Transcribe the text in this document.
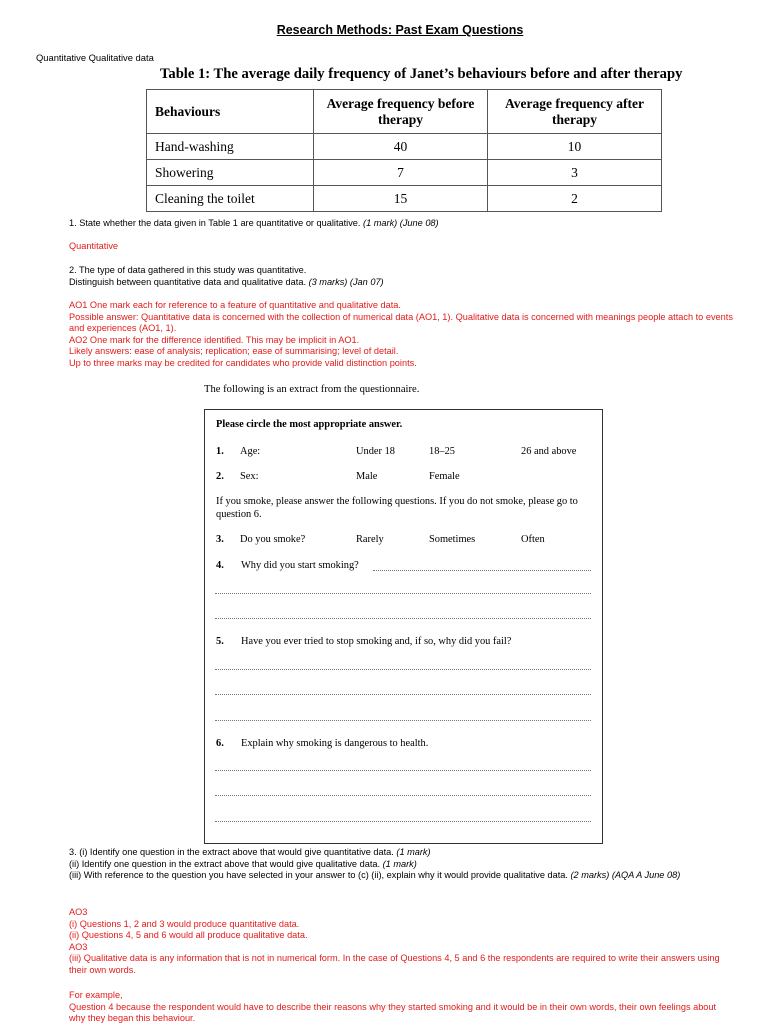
Research Methods: Past Exam Questions
Quantitative Qualitative data
Table 1: The average daily frequency of Janet’s behaviours before and after therapy
Behaviours	Average frequency before therapy	Average frequency after therapy
Hand-washing	40	10
Showering	7	3
Cleaning the toilet	15	2
1. State whether the data given in Table 1 are quantitative or qualitative. (1 mark) (June 08)
Quantitative
2. The type of data gathered in this study was quantitative.
Distinguish between quantitative data and qualitative data. (3 marks) (Jan 07)
AO1 One mark each for reference to a feature of quantitative and qualitative data.
Possible answer: Quantitative data is concerned with the collection of numerical data (AO1, 1). Qualitative data is concerned with meanings people attach to events and experiences (AO1, 1).
AO2 One mark for the difference identified. This may be implicit in AO1.
Likely answers: ease of analysis; replication; ease of summarising; level of detail.
Up to three marks may be credited for candidates who provide valid distinction points.
The following is an extract from the questionnaire.
Please circle the most appropriate answer.
1. Age:	Under 18	18–25	26 and above
2. Sex:	Male	Female
If you smoke, please answer the following questions. If you do not smoke, please go to question 6.
3. Do you smoke?	Rarely	Sometimes	Often
4. Why did you start smoking?
5. Have you ever tried to stop smoking and, if so, why did you fail?
6. Explain why smoking is dangerous to health.
3. (i) Identify one question in the extract above that would give quantitative data. (1 mark)
(ii) Identify one question in the extract above that would give qualitative data. (1 mark)
(iii) With reference to the question you have selected in your answer to (c) (ii), explain why it would provide qualitative data. (2 marks) (AQA A June 08)
AO3
(i) Questions 1, 2 and 3 would produce quantitative data.
(ii) Questions 4, 5 and 6 would all produce qualitative data.
AO3
(iii) Qualitative data is any information that is not in numerical form. In the case of Questions 4, 5 and 6 the respondents are required to write their answers using their own words.
For example,
Question 4 because the respondent would have to describe their reasons why they started smoking and it would be in their own words, their own feelings about why they began this behaviour.
